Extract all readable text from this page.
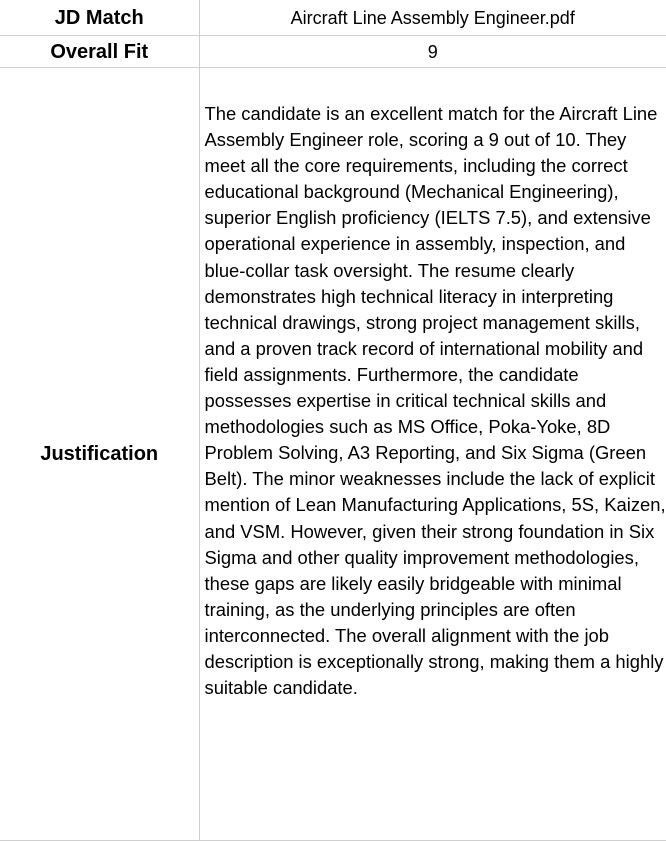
JD Match	Aircraft Line Assembly Engineer.pdf
Overall Fit	9
Justification	The candidate is an excellent match for the Aircraft Line Assembly Engineer role, scoring a 9 out of 10. They meet all the core requirements, including the correct educational background (Mechanical Engineering), superior English proficiency (IELTS 7.5), and extensive operational experience in assembly, inspection, and blue-collar task oversight. The resume clearly demonstrates high technical literacy in interpreting technical drawings, strong project management skills, and a proven track record of international mobility and field assignments. Furthermore, the candidate possesses expertise in critical technical skills and methodologies such as MS Office, Poka-Yoke, 8D Problem Solving, A3 Reporting, and Six Sigma (Green Belt). The minor weaknesses include the lack of explicit mention of Lean Manufacturing Applications, 5S, Kaizen, and VSM. However, given their strong foundation in Six Sigma and other quality improvement methodologies, these gaps are likely easily bridgeable with minimal training, as the underlying principles are often interconnected. The overall alignment with the job description is exceptionally strong, making them a highly suitable candidate.
